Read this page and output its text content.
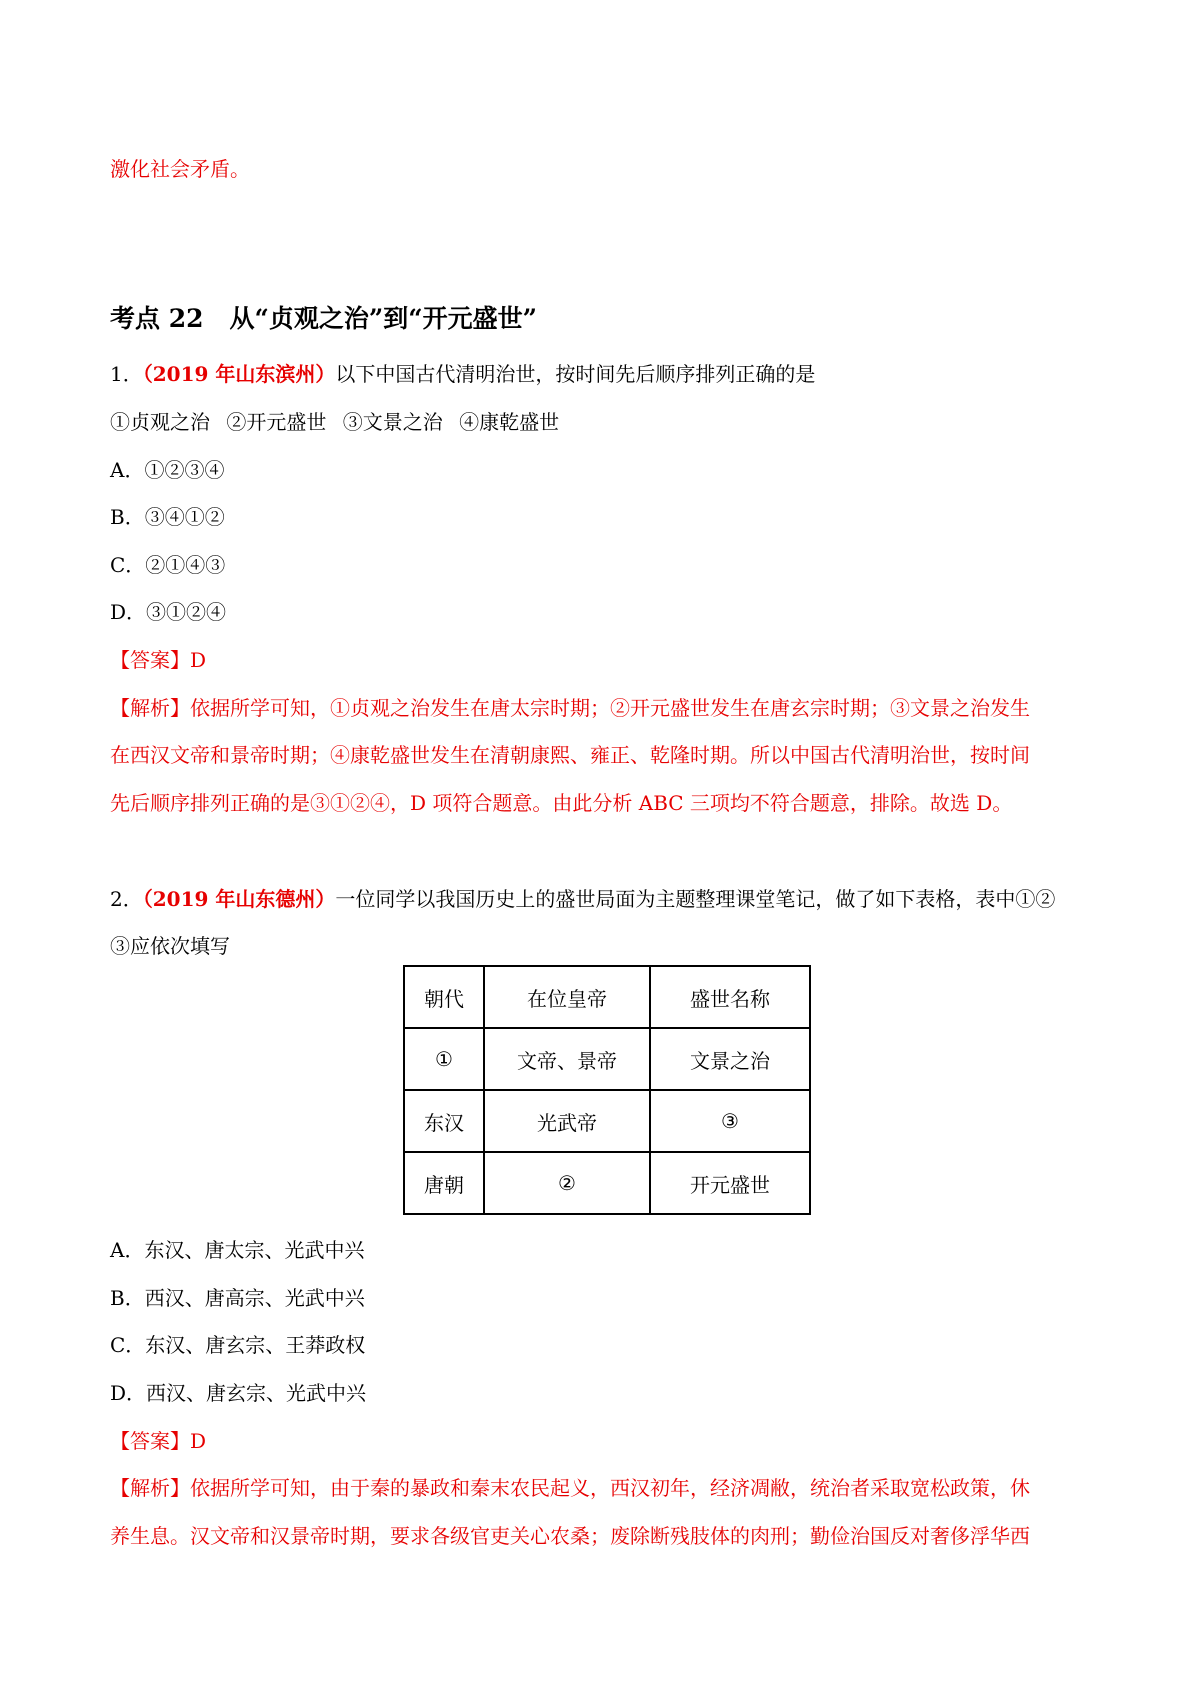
激化社会矛盾。
考点 22 从“贞观之治”到“开元盛世”
1．（2019 年山东滨州）以下中国古代清明治世，按时间先后顺序排列正确的是
①贞观之治 ②开元盛世 ③文景之治 ④康乾盛世
A．①②③④
B．③④①②
C．②①④③
D．③①②④
【答案】D
【解析】依据所学可知，①贞观之治发生在唐太宗时期；②开元盛世发生在唐玄宗时期；③文景之治发生
在西汉文帝和景帝时期；④康乾盛世发生在清朝康熙、雍正、乾隆时期。所以中国古代清明治世，按时间
先后顺序排列正确的是③①②④，D 项符合题意。由此分析 ABC 三项均不符合题意，排除。故选 D。
2．（2019 年山东德州）一位同学以我国历史上的盛世局面为主题整理课堂笔记，做了如下表格，表中①②
③应依次填写
朝代	在位皇帝	盛世名称
①	文帝、景帝	文景之治
东汉	光武帝	③
唐朝	②	开元盛世
A．东汉、唐太宗、光武中兴
B．西汉、唐高宗、光武中兴
C．东汉、唐玄宗、王莽政权
D．西汉、唐玄宗、光武中兴
【答案】D
【解析】依据所学可知，由于秦的暴政和秦末农民起义，西汉初年，经济凋敝，统治者采取宽松政策，休
养生息。汉文帝和汉景帝时期，要求各级官吏关心农桑；废除断残肢体的肉刑；勤俭治国反对奢侈浮华西
